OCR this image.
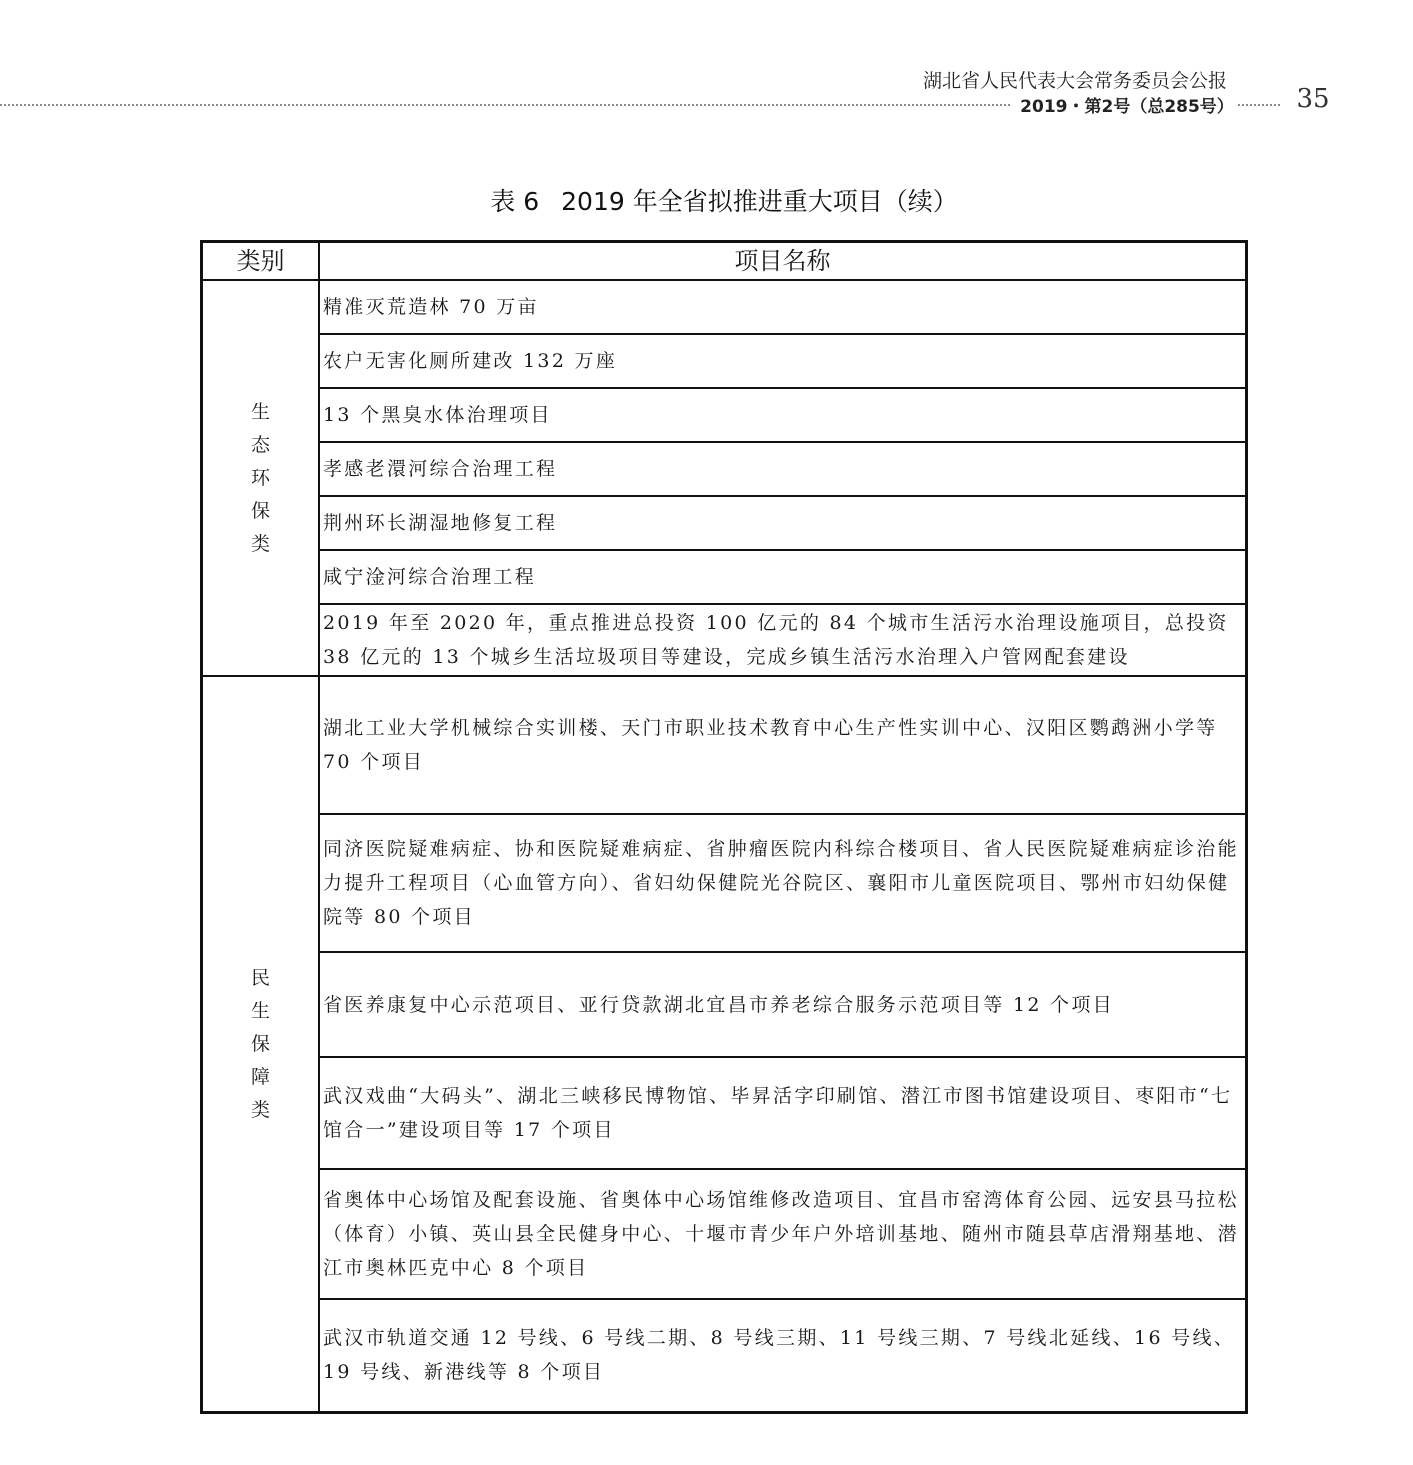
湖北省人民代表大会常务委员会公报
2019・第2号（总285号）	35
表 6 2019 年全省拟推进重大项目（续）
类别	项目名称
生
态
环
保
类
精准灭荒造林 70 万亩
农户无害化厕所建改 132 万座
13 个黑臭水体治理项目
孝感老澴河综合治理工程
荆州环长湖湿地修复工程
咸宁淦河综合治理工程
2019 年至 2020 年，重点推进总投资 100 亿元的 84 个城市生活污水治理设施项目，总投资 38 亿元的 13 个城乡生活垃圾项目等建设，完成乡镇生活污水治理入户管网配套建设
民
生
保
障
类
湖北工业大学机械综合实训楼、天门市职业技术教育中心生产性实训中心、汉阳区鹦鹉洲小学等 70 个项目
同济医院疑难病症、协和医院疑难病症、省肿瘤医院内科综合楼项目、省人民医院疑难病症诊治能力提升工程项目（心血管方向）、省妇幼保健院光谷院区、襄阳市儿童医院项目、鄂州市妇幼保健院等 80 个项目
省医养康复中心示范项目、亚行贷款湖北宜昌市养老综合服务示范项目等 12 个项目
武汉戏曲“大码头”、湖北三峡移民博物馆、毕昇活字印刷馆、潜江市图书馆建设项目、枣阳市“七馆合一”建设项目等 17 个项目
省奥体中心场馆及配套设施、省奥体中心场馆维修改造项目、宜昌市窑湾体育公园、远安县马拉松（体育）小镇、英山县全民健身中心、十堰市青少年户外培训基地、随州市随县草店滑翔基地、潜江市奥林匹克中心 8 个项目
武汉市轨道交通 12 号线、6 号线二期、8 号线三期、11 号线三期、7 号线北延线、16 号线、19 号线、新港线等 8 个项目
